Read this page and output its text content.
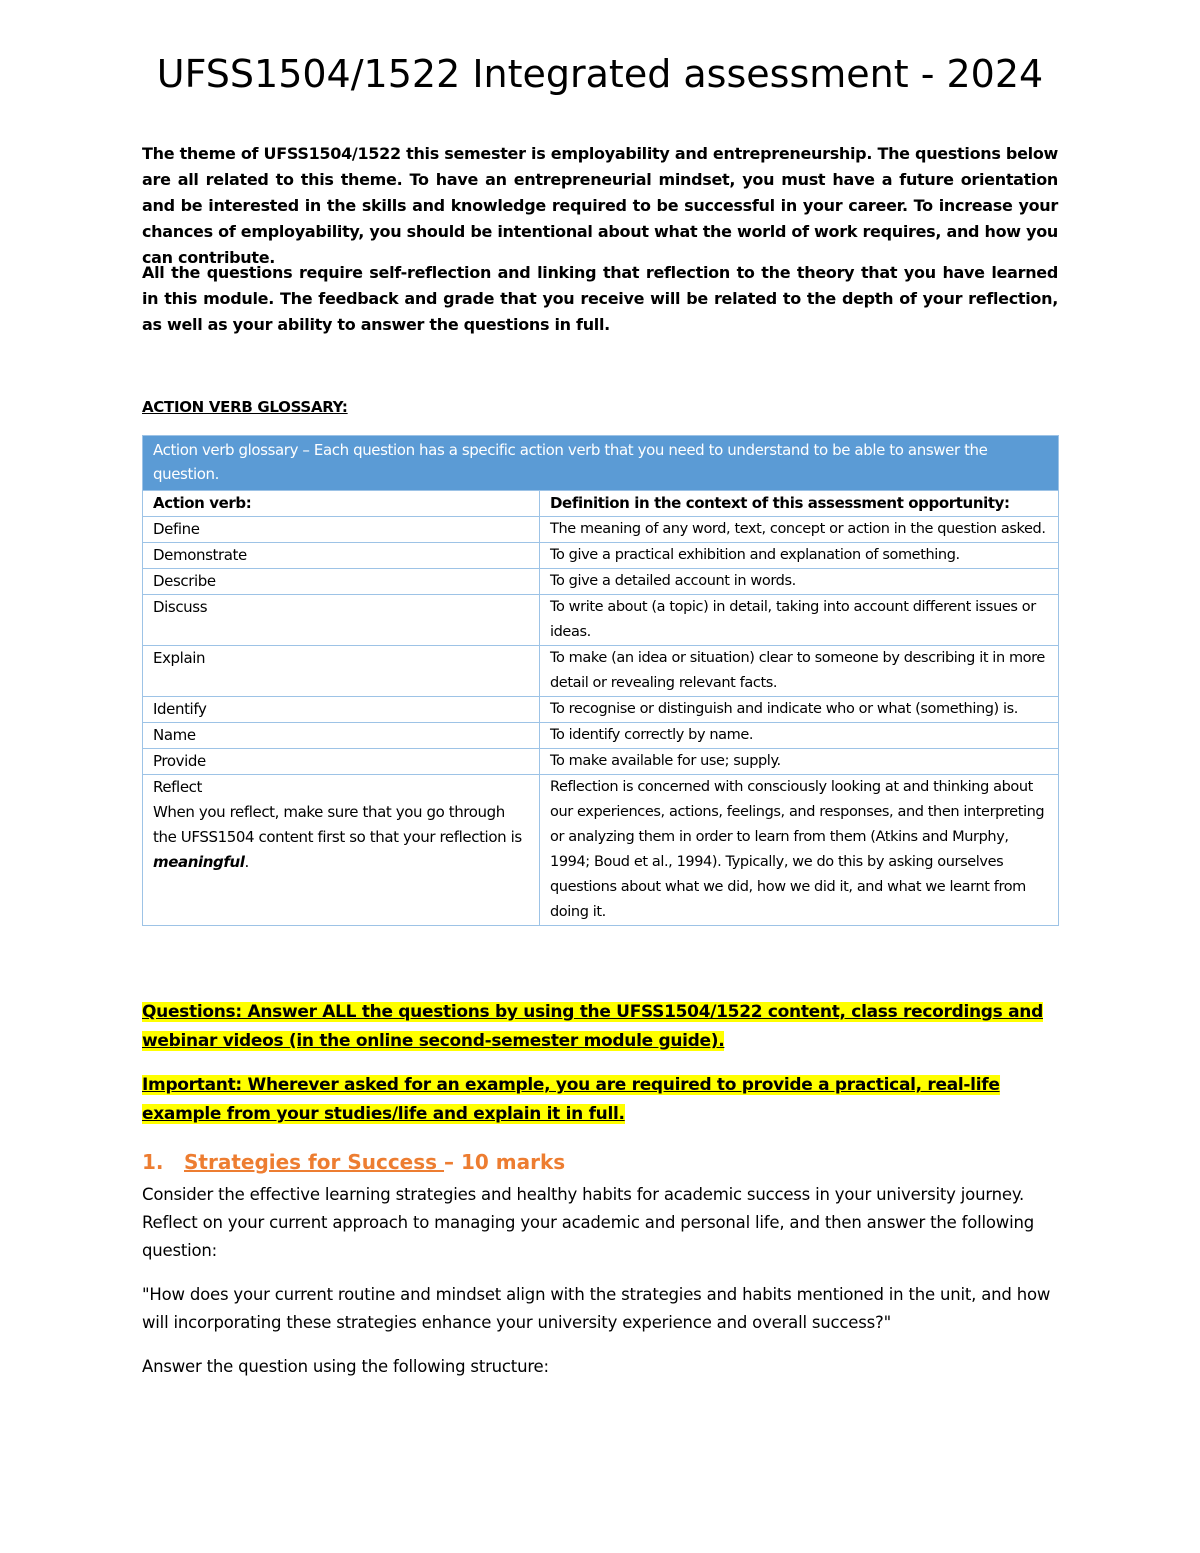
UFSS1504/1522 Integrated assessment - 2024
The theme of UFSS1504/1522 this semester is employability and entrepreneurship. The questions below are all related to this theme. To have an entrepreneurial mindset, you must have a future orientation and be interested in the skills and knowledge required to be successful in your career. To increase your chances of employability, you should be intentional about what the world of work requires, and how you can contribute.
All the questions require self-reflection and linking that reflection to the theory that you have learned in this module. The feedback and grade that you receive will be related to the depth of your reflection, as well as your ability to answer the questions in full.
ACTION VERB GLOSSARY:
Action verb glossary – Each question has a specific action verb that you need to understand to be able to answer the question.	
Action verb:	Definition in the context of this assessment opportunity:
Define	The meaning of any word, text, concept or action in the question asked.
Demonstrate	To give a practical exhibition and explanation of something.
Describe	To give a detailed account in words.
Discuss	To write about (a topic) in detail, taking into account different issues or ideas.
Explain	To make (an idea or situation) clear to someone by describing it in more detail or revealing relevant facts.
Identify	To recognise or distinguish and indicate who or what (something) is.
Name	To identify correctly by name.
Provide	To make available for use; supply.

Reflect
When you reflect, make sure that you go through the UFSS1504 content first so that your reflection is meaningful.	Reflection is concerned with consciously looking at and thinking about our experiences, actions, feelings, and responses, and then interpreting or analyzing them in order to learn from them (Atkins and Murphy, 1994; Boud et al., 1994). Typically, we do this by asking ourselves questions about what we did, how we did it, and what we learnt from doing it.
Questions: Answer ALL the questions by using the UFSS1504/1522 content, class recordings and webinar videos (in the online second-semester module guide).
Important: Wherever asked for an example, you are required to provide a practical, real-life example from your studies/life and explain it in full.
1. Strategies for Success – 10 marks
Consider the effective learning strategies and healthy habits for academic success in your university journey. Reflect on your current approach to managing your academic and personal life, and then answer the following question:
"How does your current routine and mindset align with the strategies and habits mentioned in the unit, and how will incorporating these strategies enhance your university experience and overall success?"
Answer the question using the following structure:
